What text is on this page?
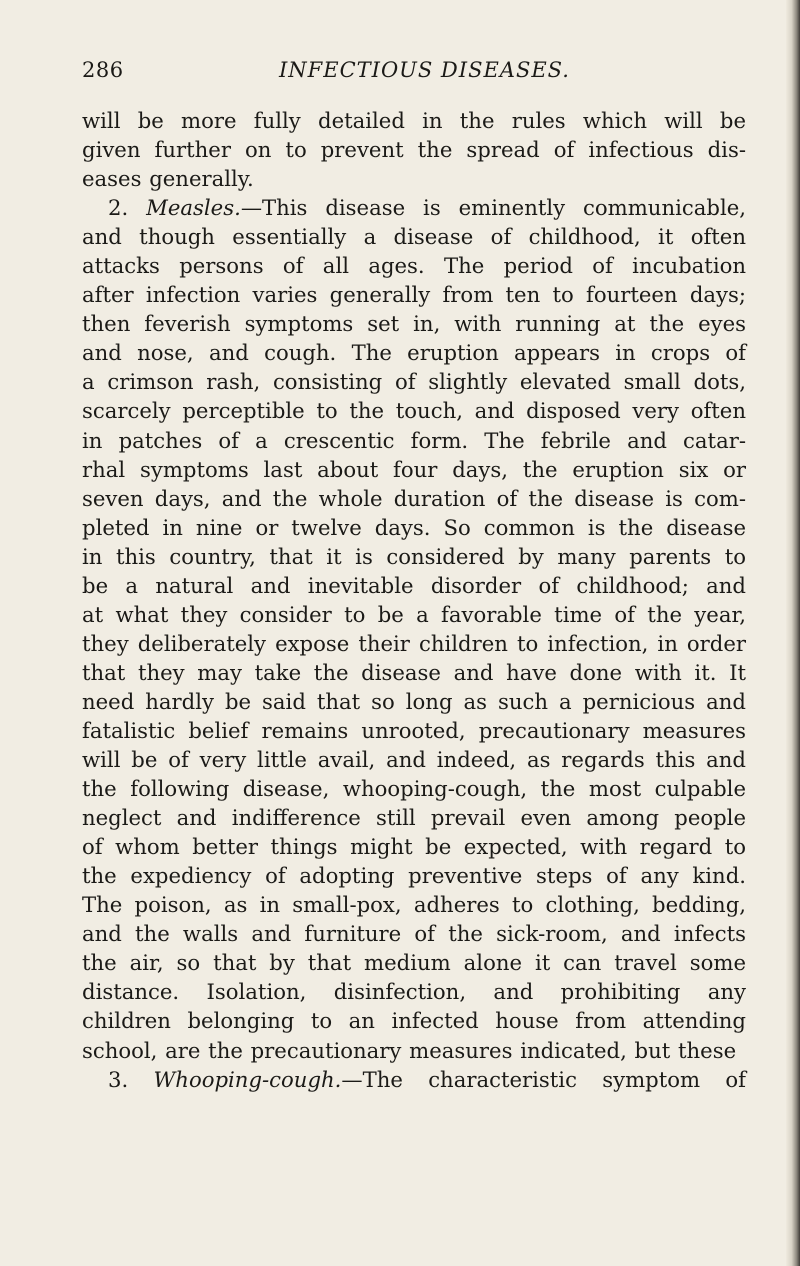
286	INFECTIOUS DISEASES.
will be more fully detailed in the rules which will be
given further on to prevent the spread of infectious dis-
eases generally.
2. Measles.—This disease is eminently communicable,
and though essentially a disease of childhood, it often
attacks persons of all ages. The period of incubation
after infection varies generally from ten to fourteen days;
then feverish symptoms set in, with running at the eyes
and nose, and cough. The eruption appears in crops of
a crimson rash, consisting of slightly elevated small dots,
scarcely perceptible to the touch, and disposed very often
in patches of a crescentic form. The febrile and catar-
rhal symptoms last about four days, the eruption six or
seven days, and the whole duration of the disease is com-
pleted in nine or twelve days. So common is the disease
in this country, that it is considered by many parents to
be a natural and inevitable disorder of childhood; and
at what they consider to be a favorable time of the year,
they deliberately expose their children to infection, in order
that they may take the disease and have done with it. It
need hardly be said that so long as such a pernicious and
fatalistic belief remains unrooted, precautionary measures
will be of very little avail, and indeed, as regards this and
the following disease, whooping-cough, the most culpable
neglect and indifference still prevail even among people
of whom better things might be expected, with regard to
the expediency of adopting preventive steps of any kind.
The poison, as in small-pox, adheres to clothing, bedding,
and the walls and furniture of the sick-room, and infects
the air, so that by that medium alone it can travel some
distance. Isolation, disinfection, and prohibiting any
children belonging to an infected house from attending
school, are the precautionary measures indicated, but these
3. Whooping-cough.—The characteristic symptom of
